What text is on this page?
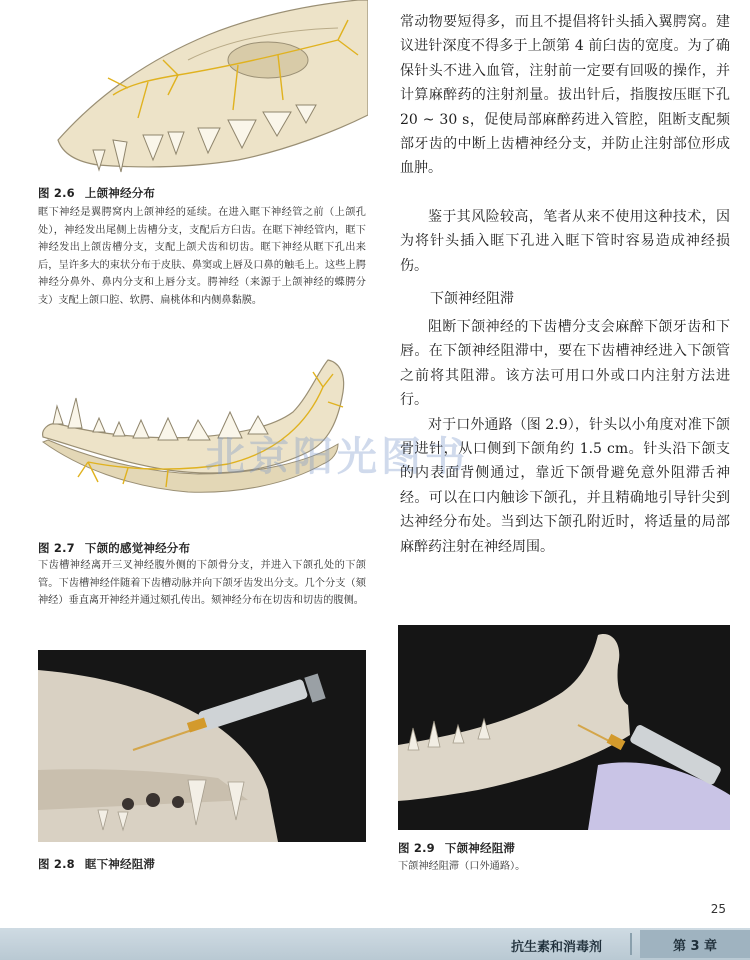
图 2.6 上颌神经分布
眶下神经是翼腭窝内上颌神经的延续。在进入眶下神经管之前（上颌孔处），神经发出尾侧上齿槽分支，支配后方臼齿。在眶下神经管内，眶下神经发出上颌齿槽分支，支配上颌犬齿和切齿。眶下神经从眶下孔出来后，呈许多大的束状分布于皮肤、鼻窦或上唇及口鼻的触毛上。这些上腭神经分鼻外、鼻内分支和上唇分支。腭神经（来源于上颌神经的蝶腭分支）支配上颌口腔、软腭、扁桃体和内侧鼻黏膜。
北京阳光图书
图 2.7 下颌的感觉神经分布
下齿槽神经离开三叉神经腹外侧的下颌骨分支，并进入下颌孔处的下颌管。下齿槽神经伴随着下齿槽动脉并向下颌牙齿发出分支。几个分支（颏神经）垂直离开神经并通过颏孔传出。颏神经分布在切齿和切齿的腹侧。
图 2.8 眶下神经阻滞

常动物要短得多，而且不提倡将针头插入翼腭窝。建议进针深度不得多于上颌第 4 前臼齿的宽度。为了确保针头不进入血管，注射前一定要有回吸的操作，并计算麻醉药的注射剂量。拔出针后，指腹按压眶下孔 20 ~ 30 s，促使局部麻醉药进入管腔，阻断支配频部牙齿的中断上齿槽神经分支，并防止注射部位形成血肿。

鉴于其风险较高，笔者从来不使用这种技术，因为将针头插入眶下孔进入眶下管时容易造成神经损伤。

下颌神经阻滞

阻断下颌神经的下齿槽分支会麻醉下颌牙齿和下唇。在下颌神经阻滞中，要在下齿槽神经进入下颌管之前将其阻滞。该方法可用口外或口内注射方法进行。

对于口外通路（图 2.9），针头以小角度对准下颌骨进针，从口侧到下颌角约 1.5 cm。针头沿下颌支的内表面背侧通过，靠近下颌骨避免意外阻滞舌神经。可以在口内触诊下颌孔，并且精确地引导针尖到达神经分布处。当到达下颌孔附近时，将适量的局部麻醉药注射在神经周围。

图 2.9 下颌神经阻滞
下颌神经阻滞（口外通路）。
25
抗生素和消毒剂	第 3 章
